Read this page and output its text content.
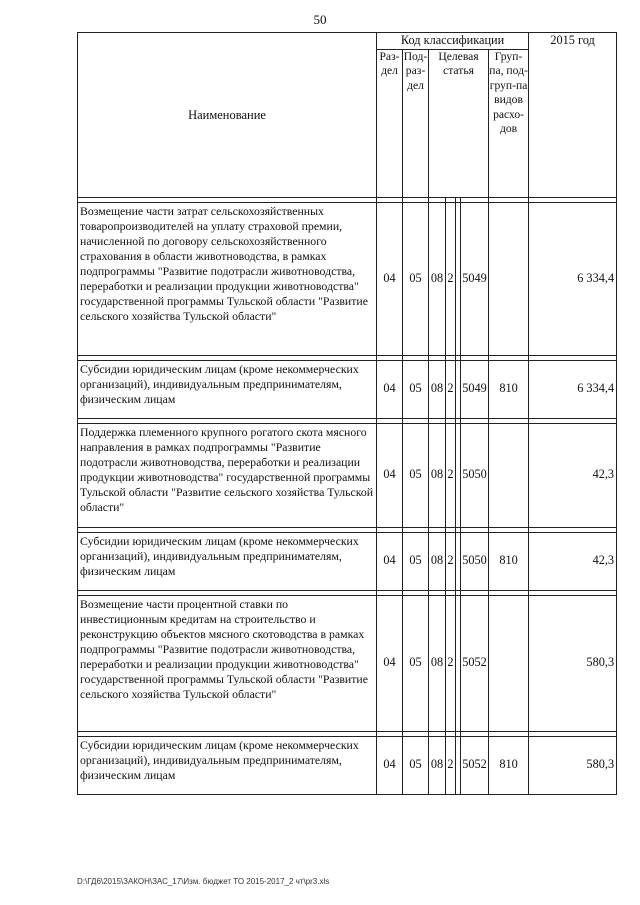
50
Наименование	Код классификации							2015 год
	Раз-дел	Под-раз-дел	Целевая статья				Груп-па, под-груп-па видов расхо-дов	

Возмещение части затрат сельскохозяйственных товаропроизводителей на уплату страховой премии, начисленной по договору сельскохозяйственного страхования в области животноводства, в рамках подпрограммы "Развитие подотрасли животноводства, переработки и реализации продукции животноводства" государственной программы Тульской области "Развитие сельского хозяйства Тульской области"	04	05	08	2		5049		6 334,4

Субсидии юридическим лицам (кроме некоммерческих организаций), индивидуальным предпринимателям, физическим лицам	04	05	08	2		5049	810	6 334,4

Поддержка племенного крупного рогатого скота мясного направления в рамках подпрограммы "Развитие подотрасли животноводства, переработки и реализации продукции животноводства" государственной программы Тульской области "Развитие сельского хозяйства Тульской области"	04	05	08	2		5050		42,3

Субсидии юридическим лицам (кроме некоммерческих организаций), индивидуальным предпринимателям, физическим лицам	04	05	08	2		5050	810	42,3

Возмещение части процентной ставки по инвестиционным кредитам на строительство и реконструкцию объектов мясного скотоводства в рамках подпрограммы "Развитие подотрасли животноводства, переработки и реализации продукции животноводства" государственной программы Тульской области "Развитие сельского хозяйства Тульской области"	04	05	08	2		5052		580,3

Субсидии юридическим лицам (кроме некоммерческих организаций), индивидуальным предпринимателям, физическим лицам	04	05	08	2		5052	810	580,3
D:\ГД6\2015\ЗАКОН\ЗАС_17\Изм. бюджет ТО 2015-2017_2 чт\pr3.xls
